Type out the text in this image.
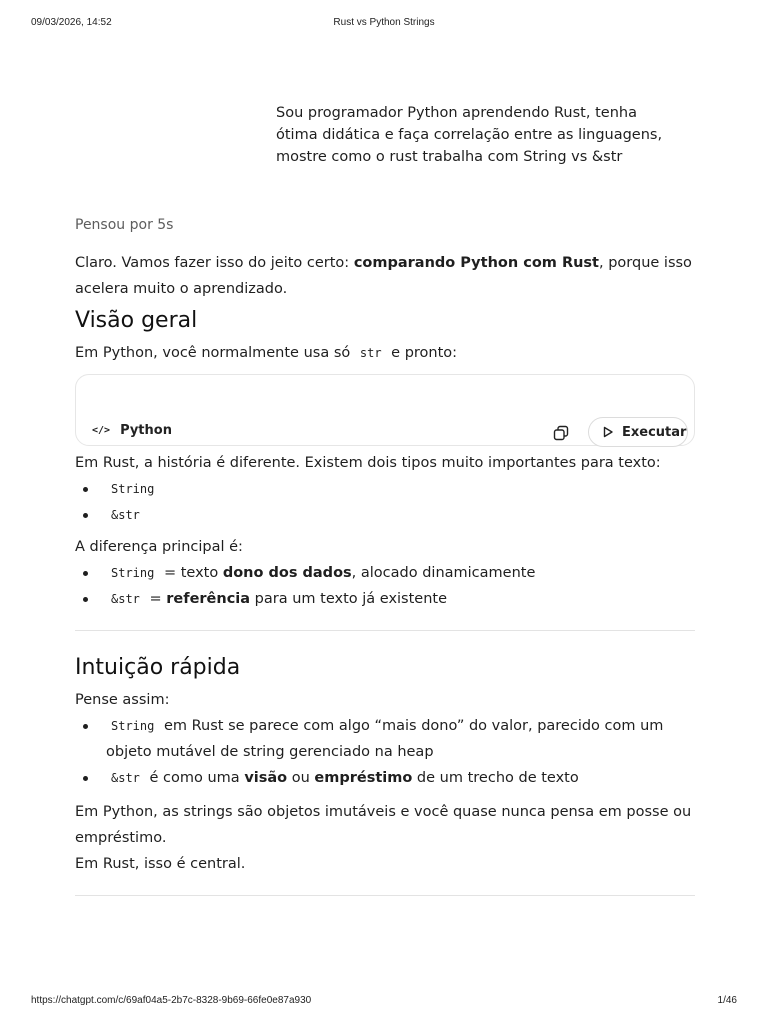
09/03/2026, 14:52	Rust vs Python Strings
Sou programador Python aprendendo Rust, tenha ótima didática e faça correlação entre as linguagens, mostre como o rust trabalha com String vs &str

Pensou por 5s

Claro. Vamos fazer isso do jeito certo: comparando Python com Rust, porque isso acelera muito o aprendizado.

Visão geral

Em Python, você normalmente usa só str e pronto:

</> Python	Executar

Em Rust, a história é diferente. Existem dois tipos muito importantes para texto:

String
&str

A diferença principal é:

String = texto dono dos dados, alocado dinamicamente
&str = referência para um texto já existente
Intuição rápida

Pense assim:

String em Rust se parece com algo “mais dono” do valor, parecido com um objeto mutável de string gerenciado na heap
&str é como uma visão ou empréstimo de um trecho de texto

Em Python, as strings são objetos imutáveis e você quase nunca pensa em posse ou empréstimo.
Em Rust, isso é central.

https://chatgpt.com/c/69af04a5-2b7c-8328-9b69-66fe0e87a930	1/46
